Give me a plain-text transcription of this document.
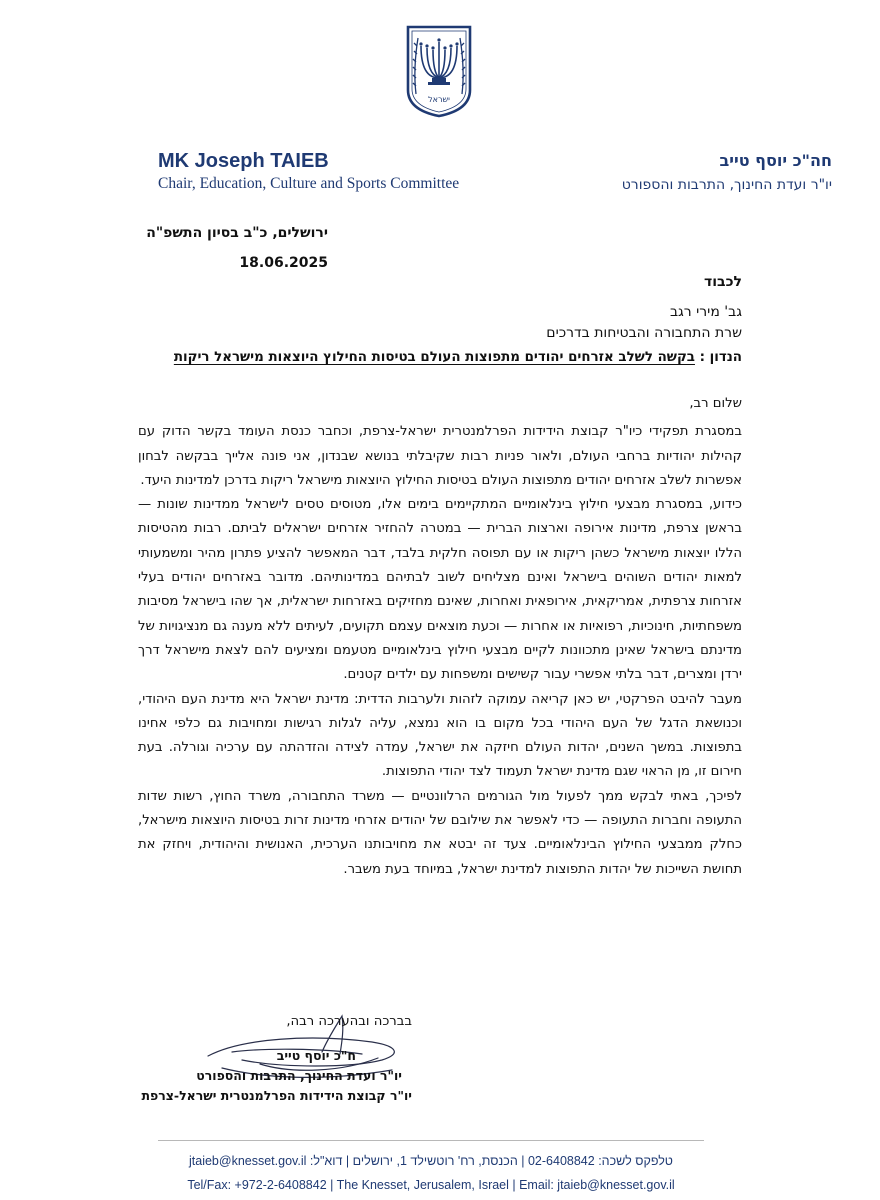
ישראל
MK Joseph TAIEB
Chair, Education, Culture and Sports Committee
חה"כ יוסף טייב
יו"ר ועדת החינוך, התרבות והספורט
ירושלים, כ"ב בסיון התשפ"ה
18.06.2025
לכבוד
גב' מירי רגב
שרת התחבורה והבטיחות בדרכים
הנדון : בקשה לשלב אזרחים יהודים מתפוצות העולם בטיסות החילוץ היוצאות מישראל ריקות

שלום רב,

במסגרת תפקידי כיו"ר קבוצת הידידות הפרלמנטרית ישראל-צרפת, וכחבר כנסת העומד בקשר הדוק עם קהילות יהודיות ברחבי העולם, ולאור פניות רבות שקיבלתי בנושא שבנדון, אני פונה אלייך בבקשה לבחון אפשרות לשלב אזרחים יהודים מתפוצות העולם בטיסות החילוץ היוצאות מישראל ריקות בדרכן למדינות היעד.

כידוע, במסגרת מבצעי חילוץ בינלאומיים המתקיימים בימים אלו, מטוסים טסים לישראל ממדינות שונות — בראשן צרפת, מדינות אירופה וארצות הברית — במטרה להחזיר אזרחים ישראלים לביתם. רבות מהטיסות הללו יוצאות מישראל כשהן ריקות או עם תפוסה חלקית בלבד, דבר המאפשר להציע פתרון מהיר ומשמעותי למאות יהודים השוהים בישראל ואינם מצליחים לשוב לבתיהם במדינותיהם. מדובר באזרחים יהודים בעלי אזרחות צרפתית, אמריקאית, אירופאית ואחרות, שאינם מחזיקים באזרחות ישראלית, אך שהו בישראל מסיבות משפחתיות, חינוכיות, רפואיות או אחרות — וכעת מוצאים עצמם תקועים, לעיתים ללא מענה גם מנציגויות של מדינתם בישראל שאינן מתכוונות לקיים מבצעי חילוץ בינלאומיים מטעמם ומציעים להם לצאת מישראל דרך ירדן ומצרים, דבר בלתי אפשרי עבור קשישים ומשפחות עם ילדים קטנים.

מעבר להיבט הפרקטי, יש כאן קריאה עמוקה לזהות ולערבות הדדית: מדינת ישראל היא מדינת העם היהודי, וכנושאת הדגל של העם היהודי בכל מקום בו הוא נמצא, עליה לגלות רגישות ומחויבות גם כלפי אחינו בתפוצות. במשך השנים, יהדות העולם חיזקה את ישראל, עמדה לצידה והזדהתה עם ערכיה וגורלה. בעת חירום זו, מן הראוי שגם מדינת ישראל תעמוד לצד יהודי התפוצות.

לפיכך, באתי לבקש ממך לפעול מול הגורמים הרלוונטיים — משרד התחבורה, משרד החוץ, רשות שדות התעופה וחברות התעופה — כדי לאפשר את שילובם של יהודים אזרחי מדינות זרות בטיסות היוצאות מישראל, כחלק ממבצעי החילוץ הבינלאומיים. צעד זה יבטא את מחויבותנו הערכית, האנושית והיהודית, ויחזק את תחושת השייכות של יהדות התפוצות למדינת ישראל, במיוחד בעת משבר.

בברכה ובהערכה רבה,
ח"כ יוסף טייב
יו"ר ועדת החינוך, התרבות והספורט
יו"ר קבוצת הידידות הפרלמנטרית ישראל-צרפת
טלפקס לשכה: 02-6408842 | הכנסת, רח' רוטשילד 1, ירושלים | דוא"ל: jtaieb@knesset.gov.il
Tel/Fax: +972-2-6408842 | The Knesset, Jerusalem, Israel | Email: jtaieb@knesset.gov.il
